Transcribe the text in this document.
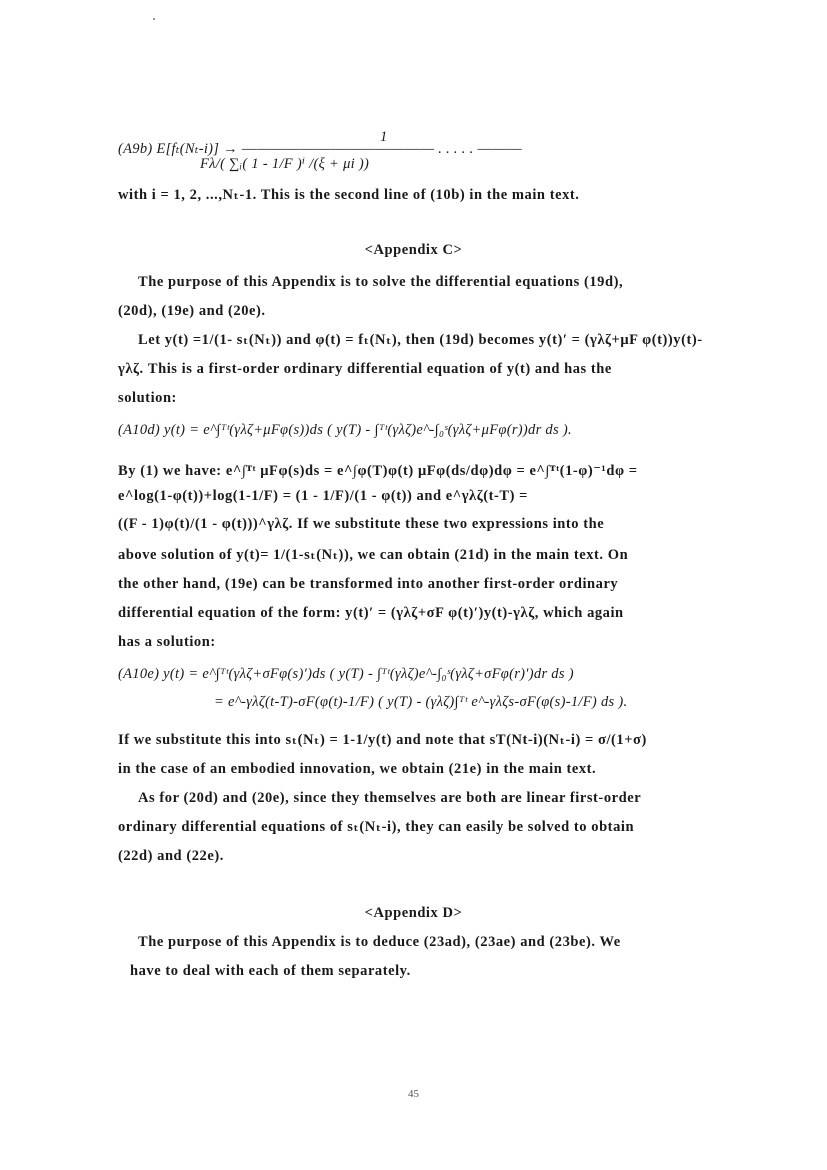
1
(A9b) E[fₜ(Nₜ-i)] → ――――――――――――― . . . . . ―――
Fλ/( ∑ᵢ( 1 - 1/F )ⁱ /(ξ + μi ))
with i = 1, 2, ...,Nₜ-1. This is the second line of (10b) in the main text.
<Appendix C>
The purpose of this Appendix is to solve the differential equations (19d),
(20d), (19e) and (20e).
Let y(t) =1/(1- sₜ(Nₜ)) and φ(t) = fₜ(Nₜ), then (19d) becomes y(t)′ = (γλζ+μF φ(t))y(t)-
γλζ. This is a first-order ordinary differential equation of y(t) and has the
solution:
(A10d) y(t) = e^∫ᵀᵗ(γλζ+μFφ(s))ds ( y(T) - ∫ᵀᵗ(γλζ)e^-∫₀ˢ(γλζ+μFφ(r))dr ds ).
By (1) we have: e^∫ᵀᵗ μFφ(s)ds = e^∫φ(T)φ(t) μFφ(ds/dφ)dφ = e^∫ᵀᵗ(1-φ)⁻¹dφ =
e^log(1-φ(t))+log(1-1/F) = (1 - 1/F)/(1 - φ(t)) and e^γλζ(t-T) =
((F - 1)φ(t)/(1 - φ(t)))^γλζ. If we substitute these two expressions into the
above solution of y(t)= 1/(1-sₜ(Nₜ)), we can obtain (21d) in the main text. On
the other hand, (19e) can be transformed into another first-order ordinary
differential equation of the form: y(t)′ = (γλζ+σF φ(t)′)y(t)-γλζ, which again
has a solution:
(A10e) y(t) = e^∫ᵀᵗ(γλζ+σFφ(s)′)ds ( y(T) - ∫ᵀᵗ(γλζ)e^-∫₀ˢ(γλζ+σFφ(r)′)dr ds )
= e^-γλζ(t-T)-σF(φ(t)-1/F) ( y(T) - (γλζ)∫ᵀᵗ e^-γλζs-σF(φ(s)-1/F) ds ).
If we substitute this into sₜ(Nₜ) = 1-1/y(t) and note that sT(Nt-i)(Nₜ-i) = σ/(1+σ)
in the case of an embodied innovation, we obtain (21e) in the main text.
As for (20d) and (20e), since they themselves are both are linear first-order
ordinary differential equations of sₜ(Nₜ-i), they can easily be solved to obtain
(22d) and (22e).
<Appendix D>
The purpose of this Appendix is to deduce (23ad), (23ae) and (23be). We
have to deal with each of them separately.
45
